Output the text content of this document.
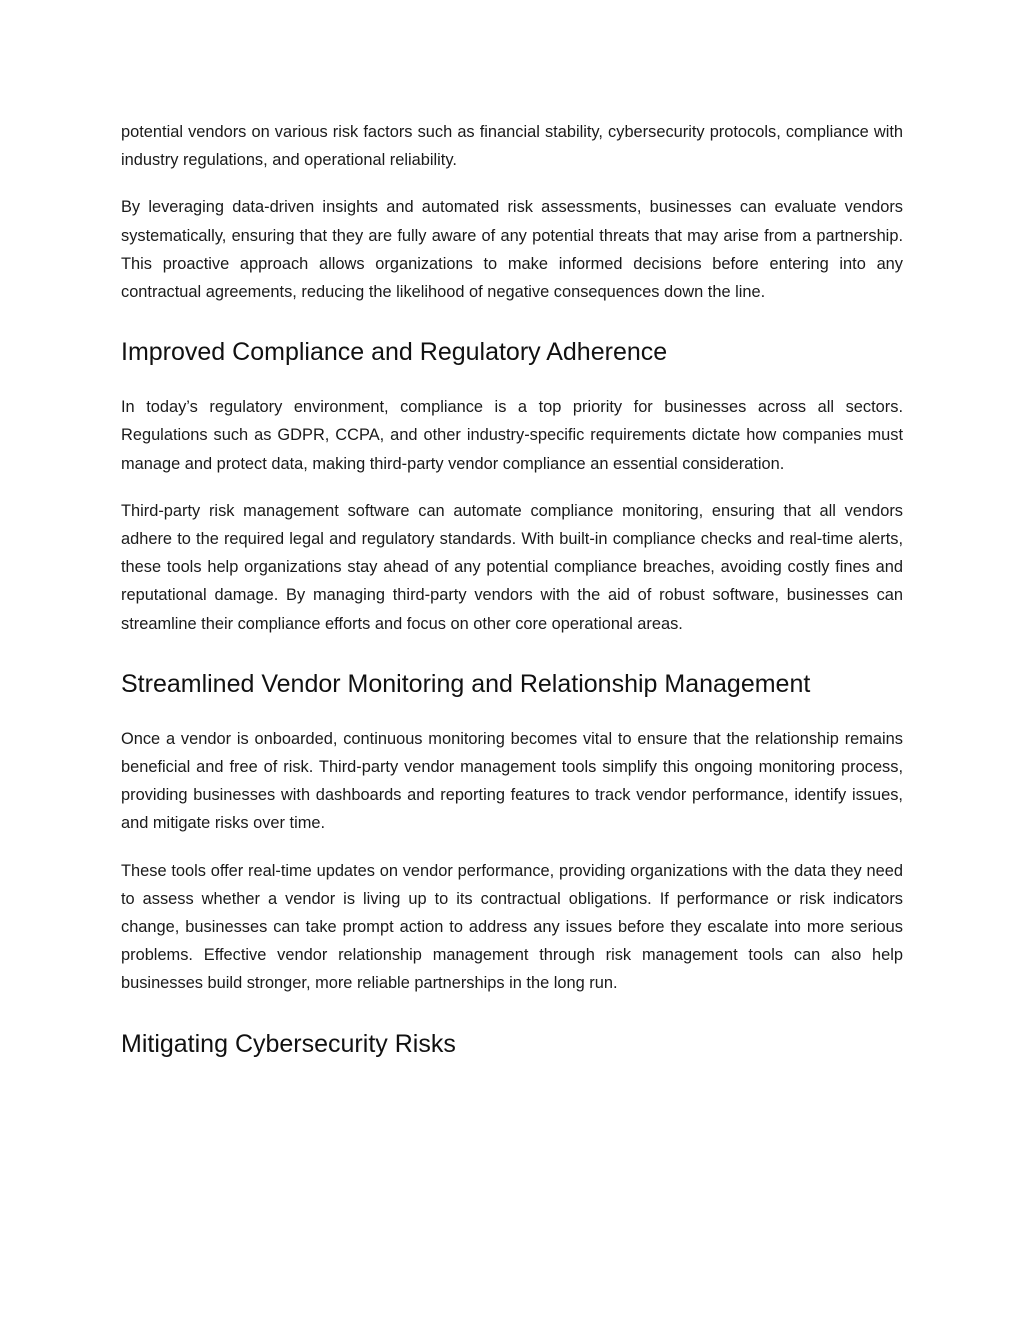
potential vendors on various risk factors such as financial stability, cybersecurity protocols, compliance with industry regulations, and operational reliability.

By leveraging data-driven insights and automated risk assessments, businesses can evaluate vendors systematically, ensuring that they are fully aware of any potential threats that may arise from a partnership. This proactive approach allows organizations to make informed decisions before entering into any contractual agreements, reducing the likelihood of negative consequences down the line.

Improved Compliance and Regulatory Adherence

In today’s regulatory environment, compliance is a top priority for businesses across all sectors. Regulations such as GDPR, CCPA, and other industry-specific requirements dictate how companies must manage and protect data, making third-party vendor compliance an essential consideration.

Third-party risk management software can automate compliance monitoring, ensuring that all vendors adhere to the required legal and regulatory standards. With built-in compliance checks and real-time alerts, these tools help organizations stay ahead of any potential compliance breaches, avoiding costly fines and reputational damage. By managing third-party vendors with the aid of robust software, businesses can streamline their compliance efforts and focus on other core operational areas.

Streamlined Vendor Monitoring and Relationship Management

Once a vendor is onboarded, continuous monitoring becomes vital to ensure that the relationship remains beneficial and free of risk. Third-party vendor management tools simplify this ongoing monitoring process, providing businesses with dashboards and reporting features to track vendor performance, identify issues, and mitigate risks over time.

These tools offer real-time updates on vendor performance, providing organizations with the data they need to assess whether a vendor is living up to its contractual obligations. If performance or risk indicators change, businesses can take prompt action to address any issues before they escalate into more serious problems. Effective vendor relationship management through risk management tools can also help businesses build stronger, more reliable partnerships in the long run.

Mitigating Cybersecurity Risks
